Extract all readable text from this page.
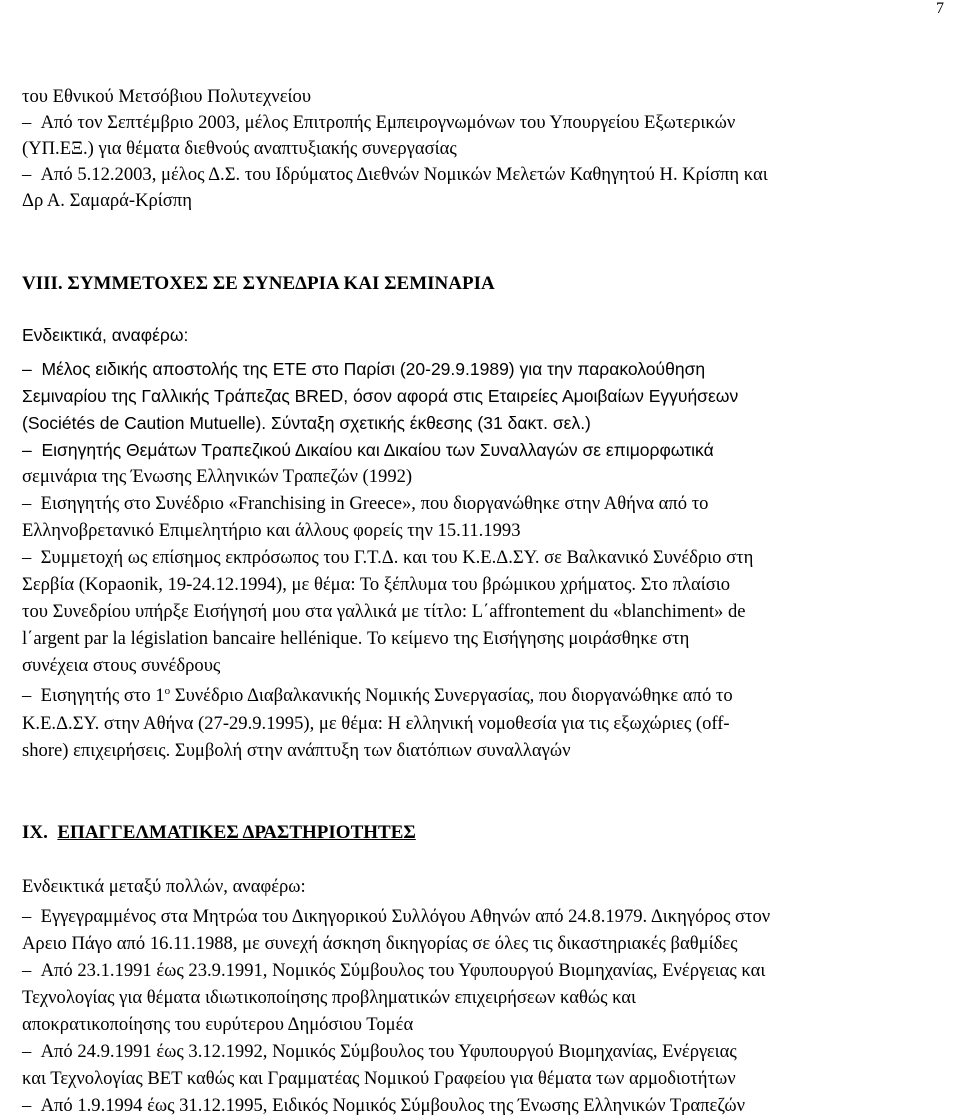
7
του Εθνικού Μετσόβιου Πολυτεχνείου
–  Από τον Σεπτέμβριο 2003, μέλος Επιτροπής Εμπειρογνωμόνων του Υπουργείου Εξωτερικών
(ΥΠ.ΕΞ.) για θέματα διεθνούς αναπτυξιακής συνεργασίας
–  Από 5.12.2003, μέλος Δ.Σ. του Ιδρύματος Διεθνών Νομικών Μελετών Καθηγητού Η. Κρίσπη και
Δρ Α. Σαμαρά-Κρίσπη
VIII. ΣΥΜΜΕΤΟΧΕΣ ΣΕ ΣΥΝΕΔΡΙΑ ΚΑΙ ΣΕΜΙΝΑΡΙΑ
Ενδεικτικά, αναφέρω:
–  Μέλος ειδικής αποστολής της ΕΤΕ στο Παρίσι (20-29.9.1989) για την παρακολούθηση
Σεμιναρίου της Γαλλικής Τράπεζας BRED, όσον αφορά στις Εταιρείες Αμοιβαίων Εγγυήσεων
(Sociétés de Caution Mutuelle). Σύνταξη σχετικής έκθεσης (31 δακτ. σελ.)
–  Εισηγητής Θεμάτων Τραπεζικού Δικαίου και Δικαίου των Συναλλαγών σε επιμορφωτικά
σεμινάρια της Ένωσης Ελληνικών Τραπεζών (1992)
–  Εισηγητής στο Συνέδριο «Franchising in Greece», που διοργανώθηκε στην Αθήνα από το
Ελληνοβρετανικό Επιμελητήριο και άλλους φορείς την 15.11.1993
–  Συμμετοχή ως επίσημος εκπρόσωπος του Γ.Τ.Δ. και του Κ.Ε.Δ.ΣΥ. σε Βαλκανικό Συνέδριο στη
Σερβία (Kopaonik, 19-24.12.1994), με θέμα: Το ξέπλυμα του βρώμικου χρήματος. Στο πλαίσιο
του Συνεδρίου υπήρξε Εισήγησή μου στα γαλλικά με τίτλο: L΄affrontement du «blanchiment» de
l΄argent par la législation bancaire hellénique. Το κείμενο της Εισήγησης μοιράσθηκε στη
συνέχεια στους συνέδρους
–  Εισηγητής στο $1^o$ Συνέδριο Διαβαλκανικής Νομικής Συνεργασίας, που διοργανώθηκε από το
Κ.Ε.Δ.ΣΥ. στην Αθήνα (27-29.9.1995), με θέμα: Η ελληνική νομοθεσία για τις εξωχώριες (off-
shore) επιχειρήσεις. Συμβολή στην ανάπτυξη των διατόπιων συναλλαγών
ΙΧ. ΕΠΑΓΓΕΛΜΑΤΙΚΕΣ ΔΡΑΣΤΗΡΙΟΤΗΤΕΣ
Ενδεικτικά μεταξύ πολλών, αναφέρω:
–  Εγγεγραμμένος στα Μητρώα του Δικηγορικού Συλλόγου Αθηνών από 24.8.1979. Δικηγόρος στον
Αρειο Πάγο από 16.11.1988, με συνεχή άσκηση δικηγορίας σε όλες τις δικαστηριακές βαθμίδες
–  Από 23.1.1991 έως 23.9.1991, Νομικός Σύμβουλος του Υφυπουργού Βιομηχανίας, Ενέργειας και
Τεχνολογίας για θέματα ιδιωτικοποίησης προβληματικών επιχειρήσεων καθώς και
αποκρατικοποίησης του ευρύτερου Δημόσιου Τομέα
–  Από 24.9.1991 έως 3.12.1992, Νομικός Σύμβουλος του Υφυπουργού Βιομηχανίας, Ενέργειας
και Τεχνολογίας ΒΕΤ καθώς και Γραμματέας Νομικού Γραφείου για θέματα των αρμοδιοτήτων
–  Από 1.9.1994 έως 31.12.1995, Ειδικός Νομικός Σύμβουλος της Ένωσης Ελληνικών Τραπεζών
